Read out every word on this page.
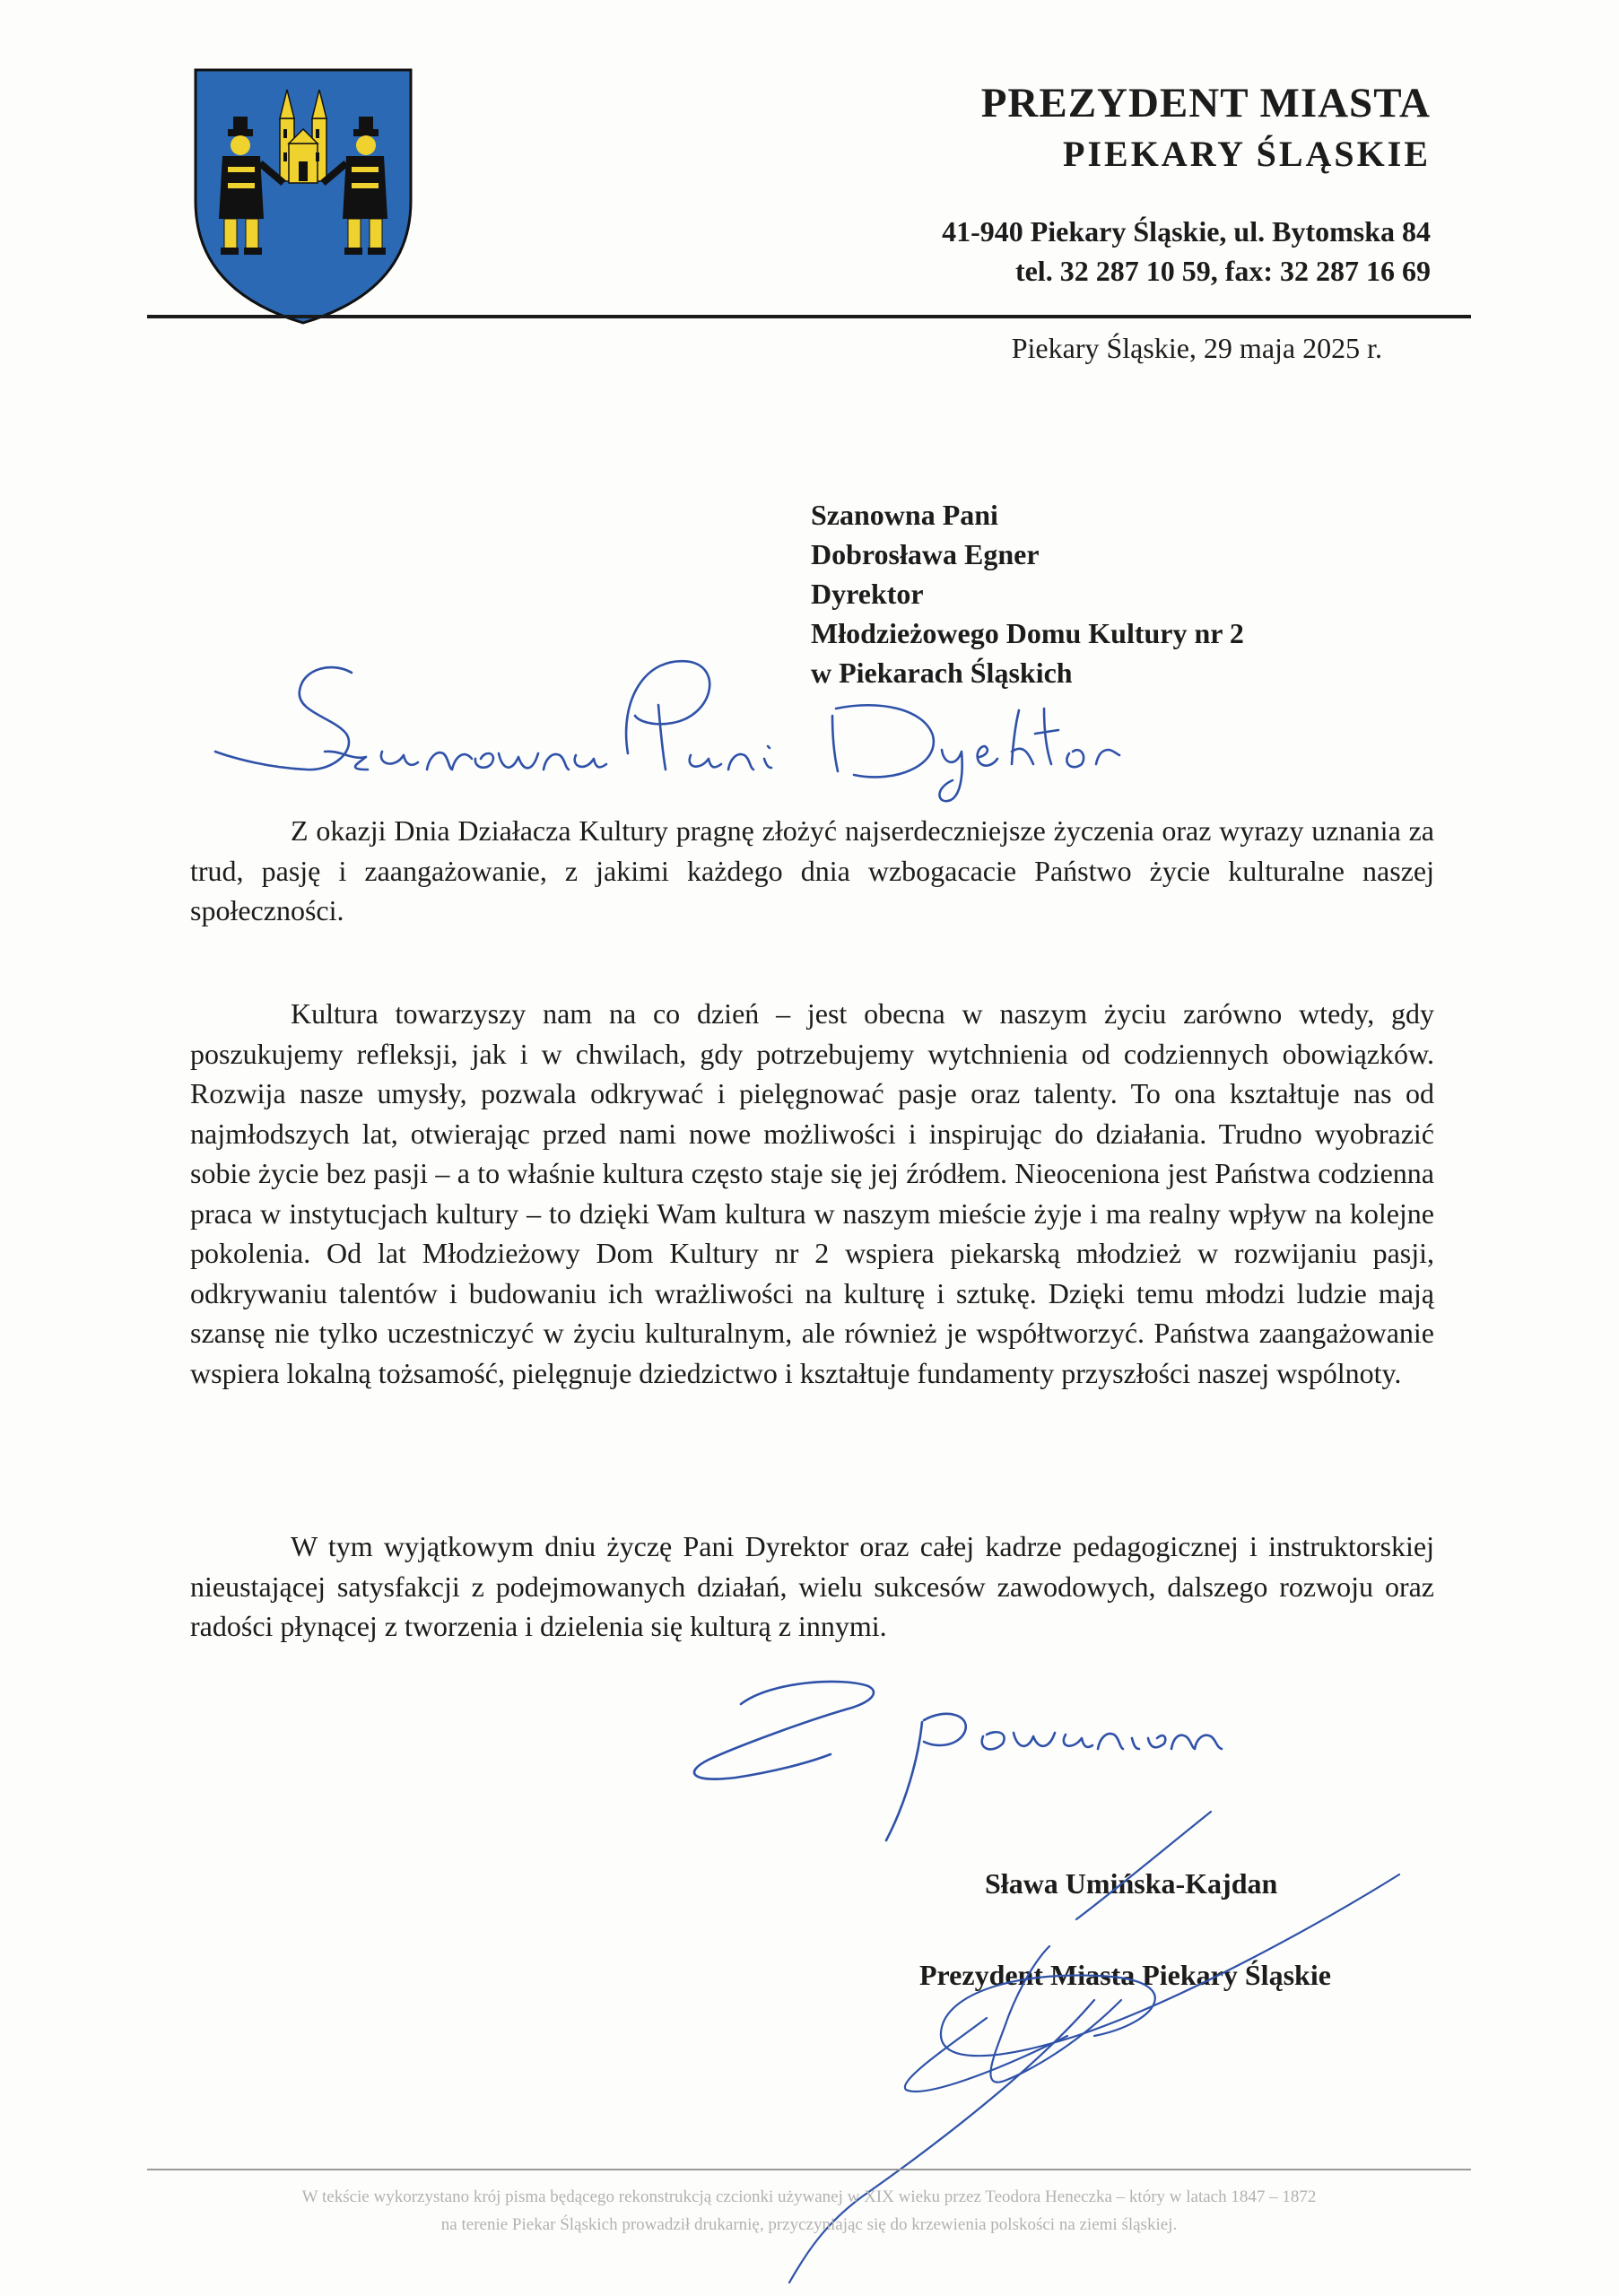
PREZYDENT MIASTA
PIEKARY ŚLĄSKIE
41-940 Piekary Śląskie, ul. Bytomska 84
tel. 32 287 10 59, fax: 32 287 16 69
Piekary Śląskie, 29 maja 2025 r.
Szanowna Pani
Dobrosława Egner
Dyrektor
Młodzieżowego Domu Kultury nr 2
w Piekarach Śląskich
Z okazji Dnia Działacza Kultury pragnę złożyć najserdeczniejsze życzenia oraz wyrazy uznania za trud, pasję i zaangażowanie, z jakimi każdego dnia wzbogacacie Państwo życie kulturalne naszej społeczności.
Kultura towarzyszy nam na co dzień – jest obecna w naszym życiu zarówno wtedy, gdy poszukujemy refleksji, jak i w chwilach, gdy potrzebujemy wytchnienia od codziennych obowiązków. Rozwija nasze umysły, pozwala odkrywać i pielęgnować pasje oraz talenty. To ona kształtuje nas od najmłodszych lat, otwierając przed nami nowe możliwości i inspirując do działania. Trudno wyobrazić sobie życie bez pasji – a to właśnie kultura często staje się jej źródłem. Nieoceniona jest Państwa codzienna praca w instytucjach kultury – to dzięki Wam kultura w naszym mieście żyje i ma realny wpływ na kolejne pokolenia. Od lat Młodzieżowy Dom Kultury nr 2 wspiera piekarską młodzież w rozwijaniu pasji, odkrywaniu talentów i budowaniu ich wrażliwości na kulturę i sztukę. Dzięki temu młodzi ludzie mają szansę nie tylko uczestniczyć w życiu kulturalnym, ale również je współtworzyć. Państwa zaangażowanie wspiera lokalną tożsamość, pielęgnuje dziedzictwo i kształtuje fundamenty przyszłości naszej wspólnoty.
W tym wyjątkowym dniu życzę Pani Dyrektor oraz całej kadrze pedagogicznej i instruktorskiej nieustającej satysfakcji z podejmowanych działań, wielu sukcesów zawodowych, dalszego rozwoju oraz radości płynącej z tworzenia i dzielenia się kulturą z innymi.
Sława Umińska-Kajdan
Prezydent Miasta Piekary Śląskie
W tekście wykorzystano krój pisma będącego rekonstrukcją czcionki używanej w XIX wieku przez Teodora Heneczka – który w latach 1847 – 1872
na terenie Piekar Śląskich prowadził drukarnię, przyczyniając się do krzewienia polskości na ziemi śląskiej.
